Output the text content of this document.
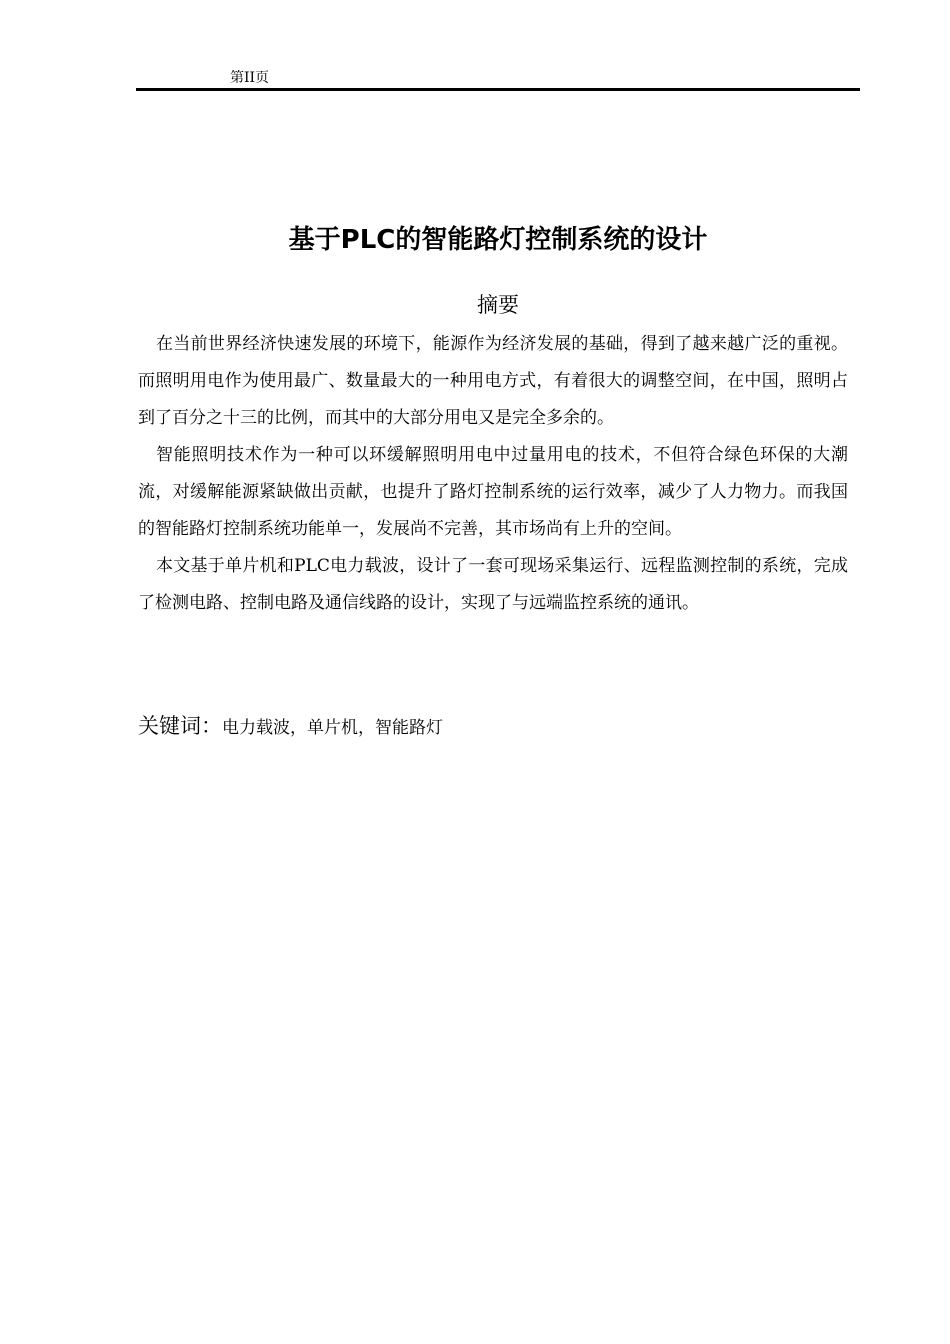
第II页
基于PLC的智能路灯控制系统的设计
摘要

在当前世界经济快速发展的环境下，能源作为经济发展的基础，得到了越来越广泛的重视。而照明用电作为使用最广、数量最大的一种用电方式，有着很大的调整空间，在中国，照明占到了百分之十三的比例，而其中的大部分用电又是完全多余的。

智能照明技术作为一种可以环缓解照明用电中过量用电的技术，不但符合绿色环保的大潮流，对缓解能源紧缺做出贡献，也提升了路灯控制系统的运行效率，减少了人力物力。而我国的智能路灯控制系统功能单一，发展尚不完善，其市场尚有上升的空间。

本文基于单片机和PLC电力载波，设计了一套可现场采集运行、远程监测控制的系统，完成了检测电路、控制电路及通信线路的设计，实现了与远端监控系统的通讯。

关键词：电力载波，单片机，智能路灯
